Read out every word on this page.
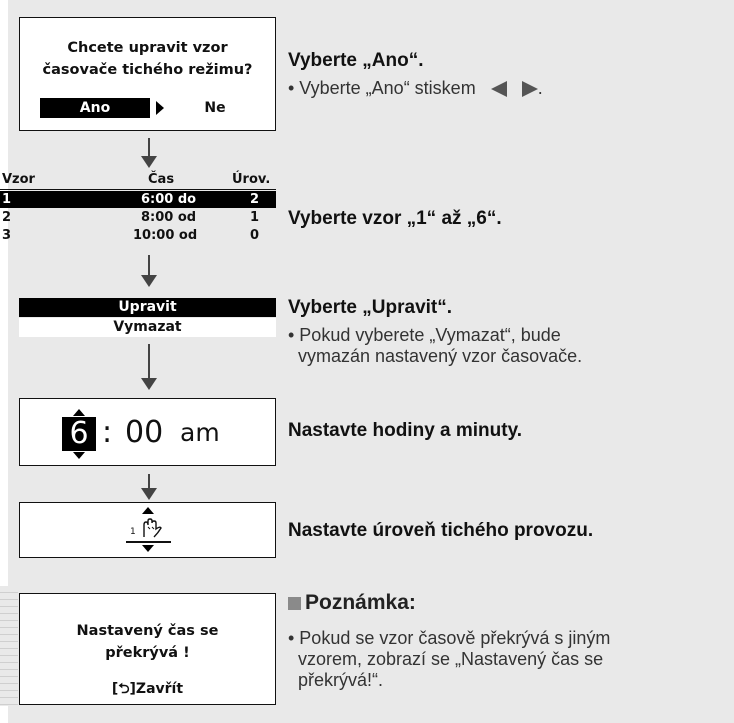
Chcete upravit vzor
časovače tichého režimu?
Ano	Ne
Vzor	Čas	Úrov.
1	6:00 do	2
2	8:00 od	1
3	10:00 od	0
Upravit
Vymazat
6 : 00 am
1
Nastavený čas se
překrývá !
[⮌]Zavřít
Vyberte „Ano“.
• Vyberte „Ano“ stiskem	.
Vyberte vzor „1“ až „6“.
Vyberte „Upravit“.
• Pokud vyberete „Vymazat“, bude
vymazán nastavený vzor časovače.
Nastavte hodiny a minuty.
Nastavte úroveň tichého provozu.
Poznámka:
• Pokud se vzor časově překrývá s jiným
vzorem, zobrazí se „Nastavený čas se
překrývá!“.
